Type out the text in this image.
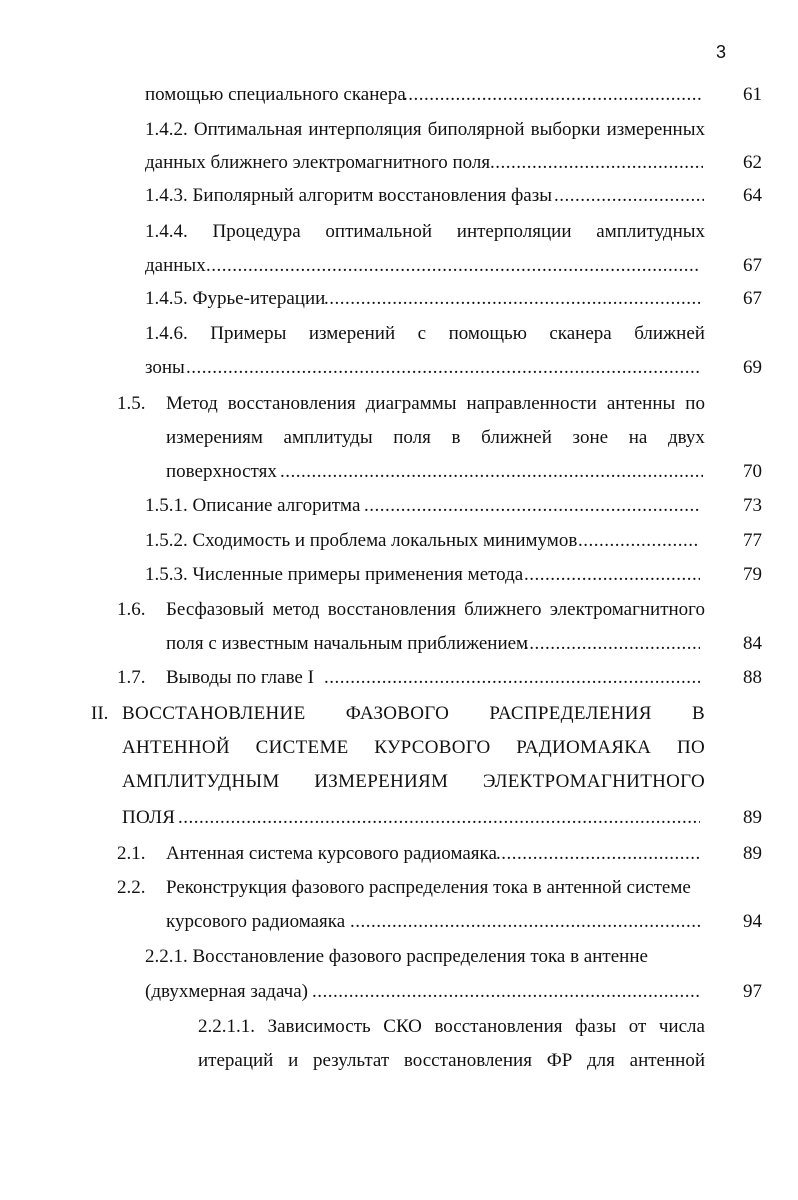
3
помощью специального сканера .....	61
1.4.2. Оптимальная интерполяция биполярной выборки измеренных
данных ближнего электромагнитного поля .....	62
1.4.3. Биполярный алгоритм восстановления фазы .....	64
1.4.4. Процедура оптимальной интерполяции амплитудных
данных .....	67
1.4.5. Фурье-итерации .....	67
1.4.6. Примеры измерений с помощью сканера ближней
зоны .....	69
1.5. Метод восстановления диаграммы направленности антенны по
измерениям амплитуды поля в ближней зоне на двух
поверхностях .....	70
1.5.1. Описание алгоритма .....	73
1.5.2. Сходимость и проблема локальных минимумов .....	77
1.5.3. Численные примеры применения метода .....	79
1.6. Бесфазовый метод восстановления ближнего электромагнитного
поля с известным начальным приближением .....	84
1.7. Выводы по главе I .....	88
II. ВОССТАНОВЛЕНИЕ ФАЗОВОГО РАСПРЕДЕЛЕНИЯ В
АНТЕННОЙ СИСТЕМЕ КУРСОВОГО РАДИОМАЯКА ПО
АМПЛИТУДНЫМ ИЗМЕРЕНИЯМ ЭЛЕКТРОМАГНИТНОГО
ПОЛЯ .....	89
2.1. Антенная система курсового радиомаяка .....	89
2.2. Реконструкция фазового распределения тока в антенной системе
курсового радиомаяка .....	94
2.2.1. Восстановление фазового распределения тока в антенне
(двухмерная задача) .....	97
2.2.1.1. Зависимость СКО восстановления фазы от числа
итераций и результат восстановления ФР для антенной
